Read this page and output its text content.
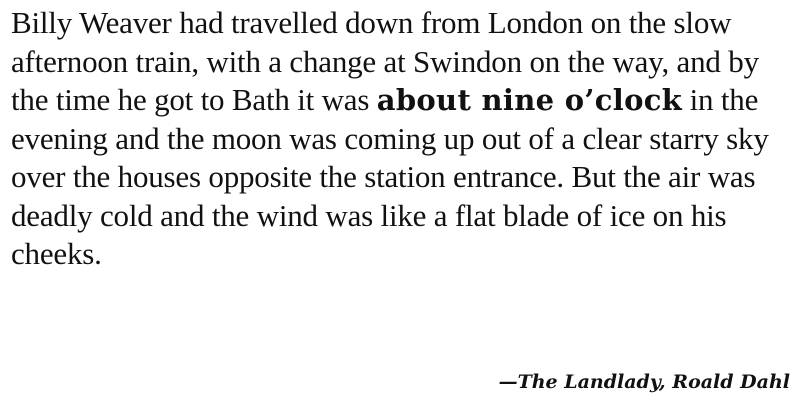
Billy Weaver had travelled down from London on the slow afternoon train, with a change at Swindon on the way, and by the time he got to Bath it was about nine o’clock in the evening and the moon was coming up out of a clear starry sky over the houses opposite the station entrance. But the air was deadly cold and the wind was like a flat blade of ice on his cheeks.

—The Landlady, Roald Dahl
